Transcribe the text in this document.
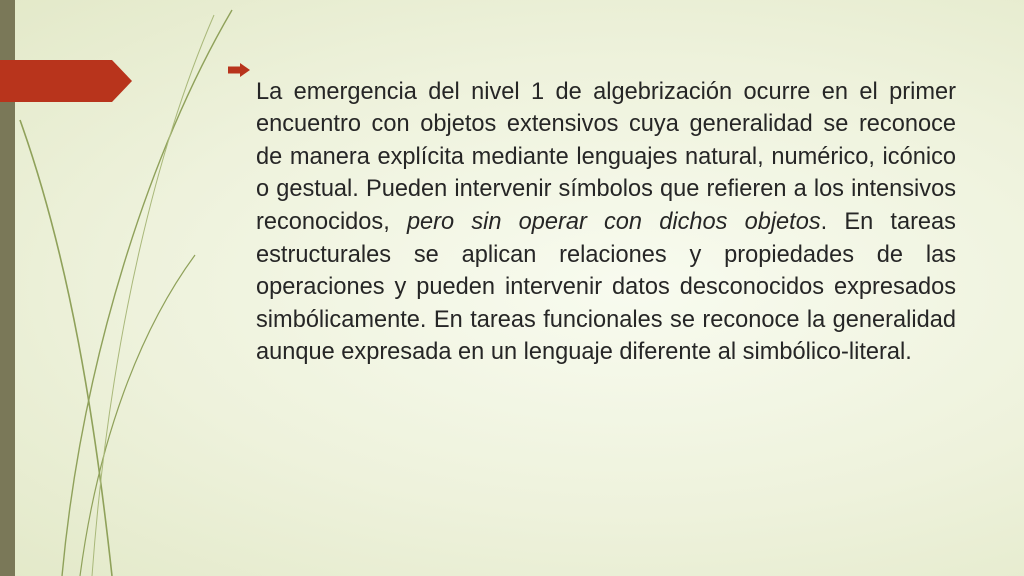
La emergencia del nivel 1 de algebrización ocurre en el primer encuentro con objetos extensivos cuya generalidad se reconoce de manera explícita mediante lenguajes natural, numérico, icónico o gestual. Pueden intervenir símbolos que refieren a los intensivos reconocidos, pero sin operar con dichos objetos. En tareas estructurales se aplican relaciones y propiedades de las operaciones y pueden intervenir datos desconocidos expresados simbólicamente. En tareas funcionales se reconoce la generalidad aunque expresada en un lenguaje diferente al simbólico-literal.
